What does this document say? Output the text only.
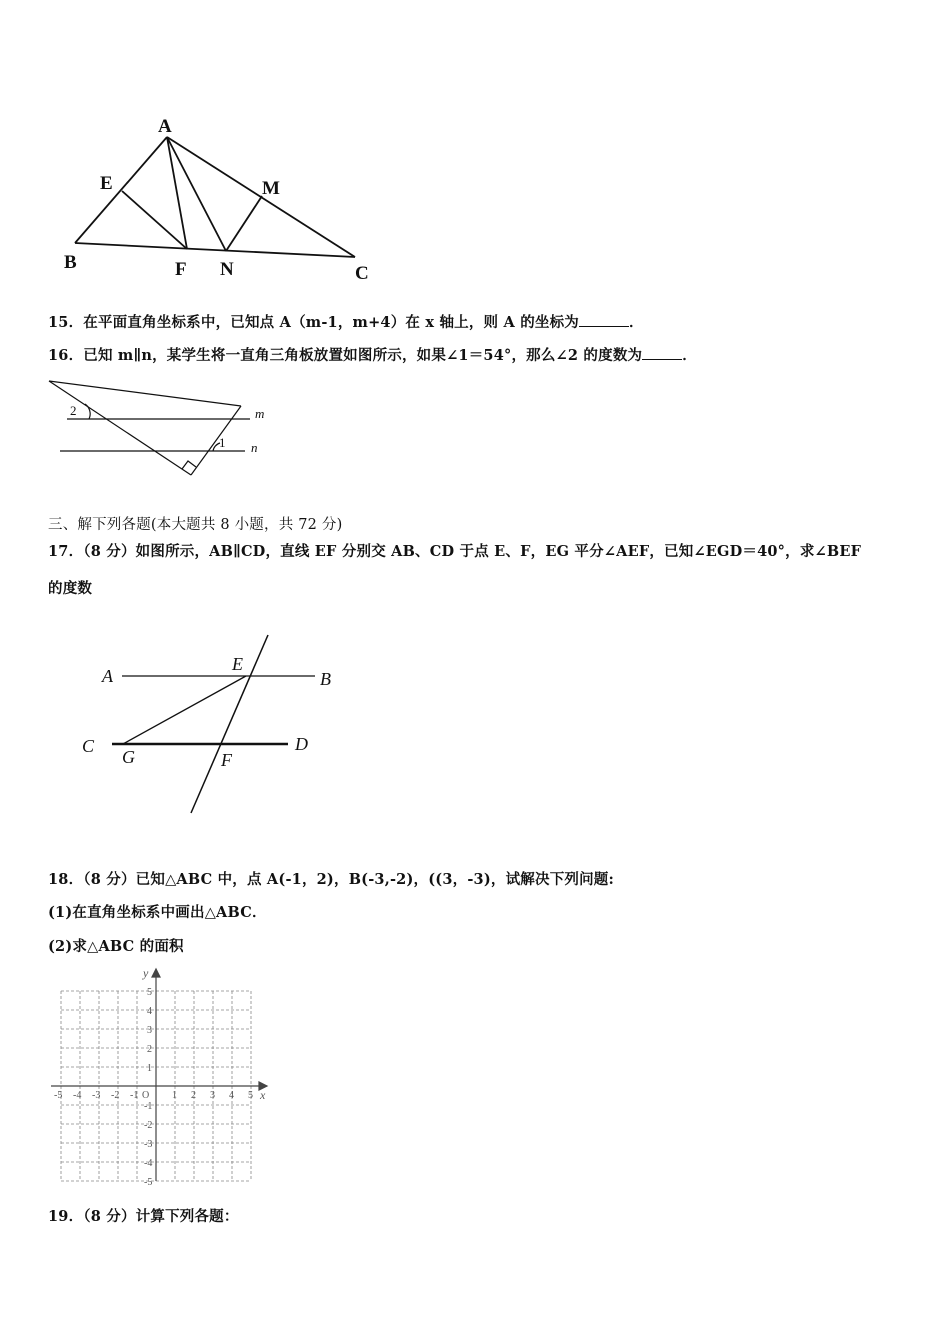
A
E	M
B	F N	C
15．在平面直角坐标系中，已知点 A（m-1，m+4）在 x 轴上，则 A 的坐标为	．
16．已知 m∥n，某学生将一直角三角板放置如图所示，如果∠1＝54°，那么∠2 的度数为	．
2
1
m
n
三、解下列各题(本大题共 8 小题，共 72 分)
17．（8 分）如图所示，AB∥CD，直线 EF 分别交 AB、CD 于点 E、F，EG 平分∠AEF，已知∠EGD＝40°，求∠BEF
的度数
A
E
B
C
G	F
D
18．（8 分）已知△ABC 中，点 A(-1，2)，B(-3,-2)，((3，-3)，试解决下列问题:
(1)在直角坐标系中画出△ABC．
(2)求△ABC 的面积
-5 -4 -3 -2 -1	1 2 3 4 5
5
4
3
2
1
-1
-2
-3
-4
-5
x
y
O
19．（8 分）计算下列各题：
